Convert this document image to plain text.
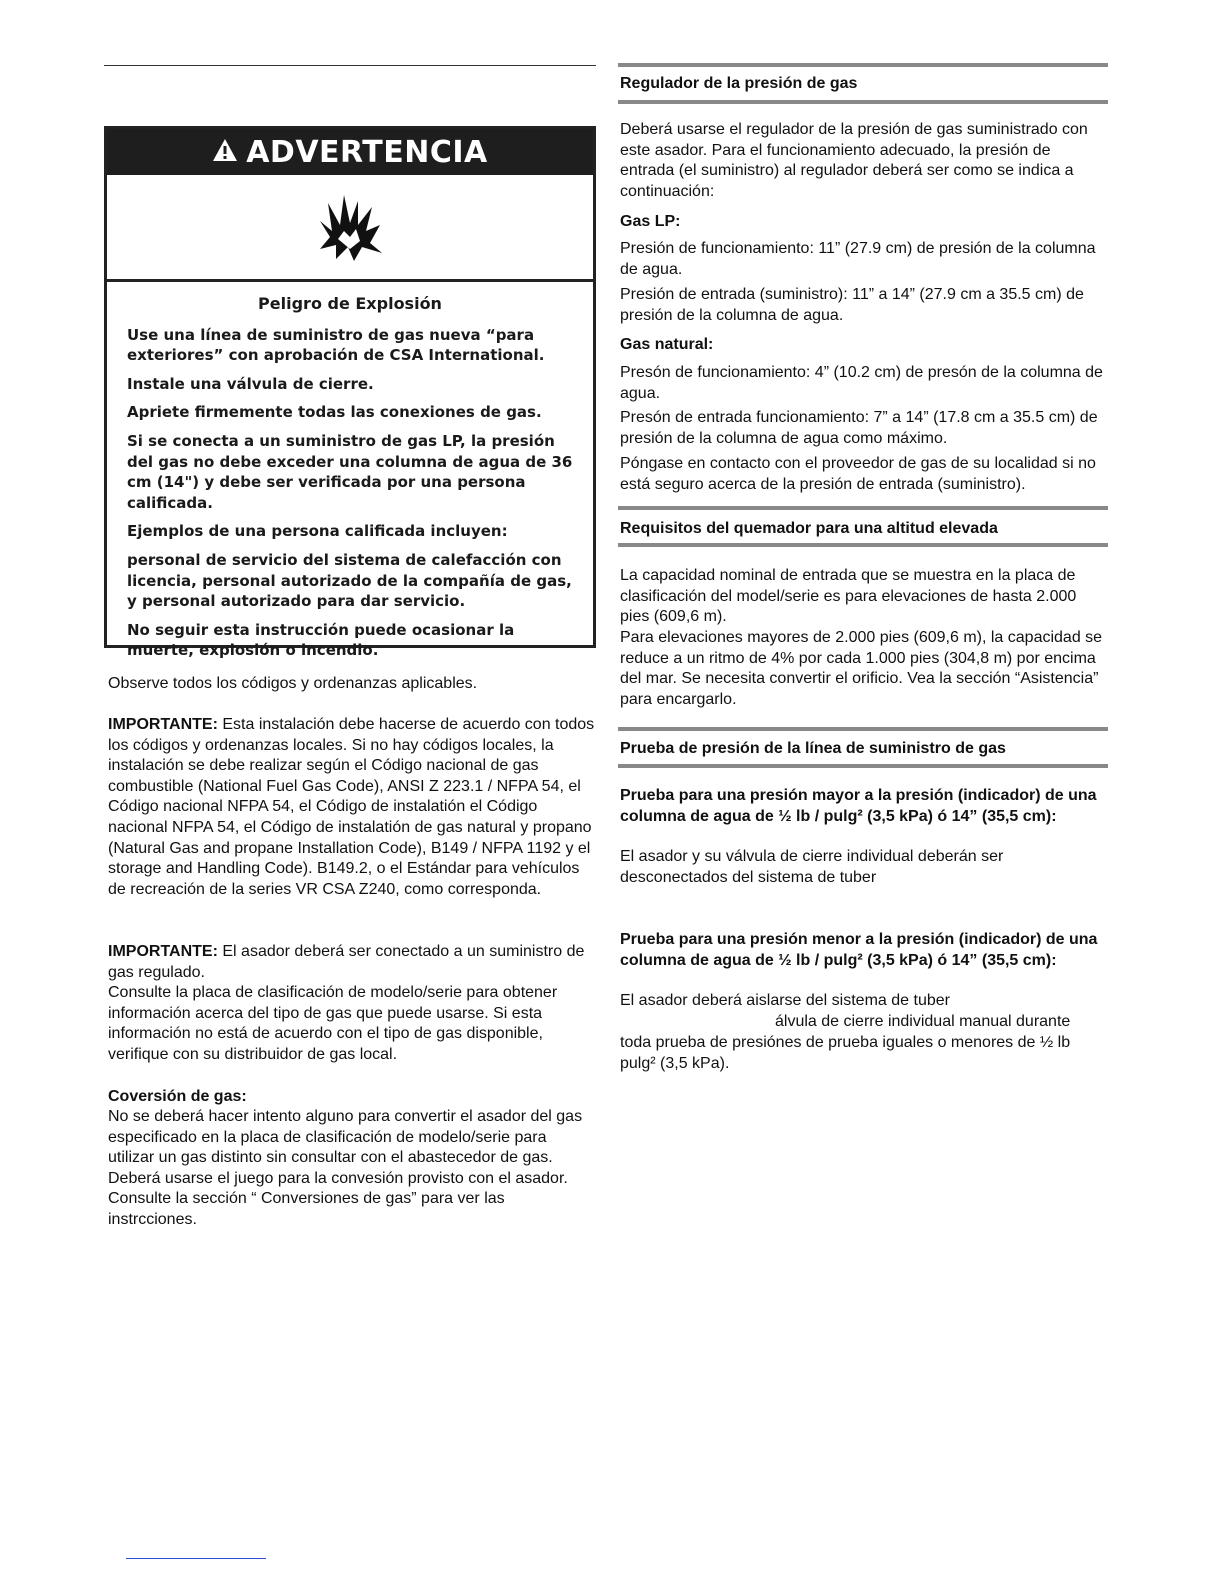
ADVERTENCIA

Peligro de Explosión

Use una línea de suministro de gas nueva “para exteriores” con aprobación de CSA International.

Instale una válvula de cierre.

Apriete firmemente todas las conexiones de gas.

Si se conecta a un suministro de gas LP, la presión del gas no debe exceder una columna de agua de 36 cm (14") y debe ser verificada por una persona calificada.

Ejemplos de una persona calificada incluyen:

personal de servicio del sistema de calefacción con licencia, personal autorizado de la compañía de gas, y personal autorizado para dar servicio.

No seguir esta instrucción puede ocasionar la muerte, explosión o incendio.

Observe todos los códigos y ordenanzas aplicables.

IMPORTANTE: Esta instalación debe hacerse de acuerdo con todos los códigos y ordenanzas locales. Si no hay códigos locales, la instalación se debe realizar según el Código nacional de gas combustible (National Fuel Gas Code), ANSI Z 223.1 / NFPA 54, el Código nacional NFPA 54, el Código de instalatión el Código nacional NFPA 54, el Código de instalatión de gas natural y propano (Natural Gas and propane Installation Code), B149 / NFPA 1192 y el storage and Handling Code). B149.2, o el Estándar para vehículos de recreación de la series VR CSA Z240, como corresponda.

IMPORTANTE: El asador deberá ser conectado a un suministro de gas regulado.

Consulte la placa de clasificación de modelo/serie para obtener información acerca del tipo de gas que puede usarse. Si esta información no está de acuerdo con el tipo de gas disponible, verifique con su distribuidor de gas local.

Coversión de gas:

No se deberá hacer intento alguno para convertir el asador del gas especificado en la placa de clasificación de modelo/serie para utilizar un gas distinto sin consultar con el abastecedor de gas. Deberá usarse el juego para la convesión provisto con el asador. Consulte la sección “ Conversiones de gas” para ver las instrcciones.

Regulador de la presión de gas

Deberá usarse el regulador de la presión de gas suministrado con este asador. Para el funcionamiento adecuado, la presión de entrada (el suministro) al regulador deberá ser como se indica a continuación:

Gas LP:

Presión de funcionamiento: 11” (27.9 cm) de presión de la columna de agua.

Presión de entrada (suministro): 11” a 14” (27.9 cm a 35.5 cm) de presión de la columna de agua.

Gas natural:

Presón de funcionamiento: 4” (10.2 cm) de presón de la columna de agua.

Presón de entrada funcionamiento: 7” a 14” (17.8 cm a 35.5 cm) de presión de la columna de agua como máximo.

Póngase en contacto con el proveedor de gas de su localidad si no está seguro acerca de la presión de entrada (suministro).

Requisitos del quemador para una altitud elevada

La capacidad nominal de entrada que se muestra en la placa de clasificación del model/serie es para elevaciones de hasta 2.000 pies (609,6 m).

Para elevaciones mayores de 2.000 pies (609,6 m), la capacidad se reduce a un ritmo de 4% por cada 1.000 pies (304,8 m) por encima del mar. Se necesita convertir el orificio. Vea la sección “Asistencia” para encargarlo.

Prueba de presión de la línea de suministro de gas

Prueba para una presión mayor a la presión (indicador) de una columna de agua de ½ lb / pulg² (3,5 kPa) ó 14” (35,5 cm):

El asador y su válvula de cierre individual deberán ser desconectados del sistema de tuber

Prueba para una presión menor a la presión (indicador) de una columna de agua de ½ lb / pulg² (3,5 kPa) ó 14” (35,5 cm):

El asador deberá aislarse del sistema de tuber

álvula de cierre individual manual durante

toda prueba de presiónes de prueba iguales o menores de ½ lb pulg² (3,5 kPa).
